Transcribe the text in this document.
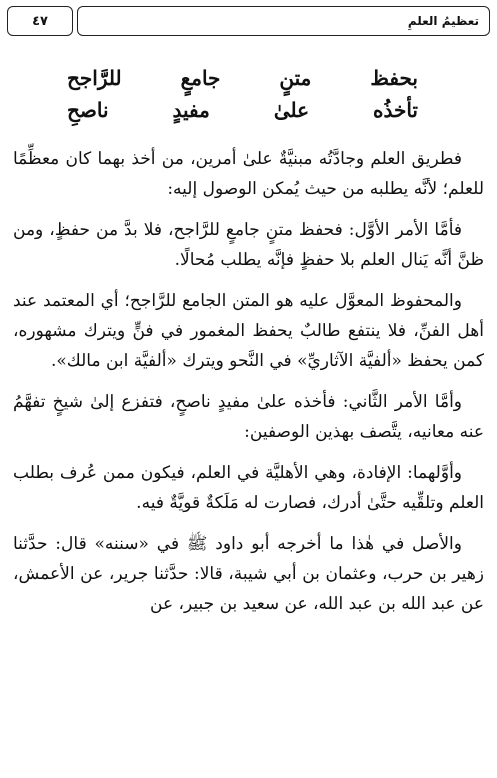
تعظيمُ العلمِ
٤٧
بحفظ متنٍ جامعٍ للرَّاجح
تأخذُه علىٰ مفيدٍ ناصحِ

فطريق العلم وجادَّتُه مبنيَّةٌ علىٰ أمرين، من أخذ بهما كان معظِّمًا للعلم؛ لأنَّه يطلبه من حيث يُمكن الوصول إليه:

فأمَّا الأمر الأوَّل: فحفظ متنٍ جامعٍ للرَّاجح، فلا بدَّ من حفظٍ، ومن ظنَّ أنَّه يَنال العلم بلا حفظٍ فإنَّه يطلب مُحالًا.

والمحفوظ المعوَّل عليه هو المتن الجامع للرَّاجح؛ أي المعتمد عند أهل الفنِّ، فلا ينتفع طالبٌ يحفظ المغمور في فنٍّ ويترك مشهوره، كمن يحفظ «ألفيَّة الآثاريِّ» في النَّحو ويترك «ألفيَّة ابن مالك».

وأمَّا الأمر الثَّاني: فأخذه علىٰ مفيدٍ ناصحٍ، فتفزع إلىٰ شيخٍ تفهَّمُ عنه معانيه، يتَّصف بهذين الوصفين:

وأوَّلهما: الإفادة، وهي الأهليَّة في العلم، فيكون ممن عُرف بطلب العلم وتلقِّيه حتَّىٰ أدرك، فصارت له مَلَكةٌ قويَّةٌ فيه.

والأصل في هٰذا ما أخرجه أبو داود ﷺ في «سننه» قال: حدَّثنا زهير بن حرب، وعثمان بن أبي شيبة، قالا: حدَّثنا جرير، عن الأعمش، عن عبد الله بن عبد الله، عن سعيد بن جبير، عن
